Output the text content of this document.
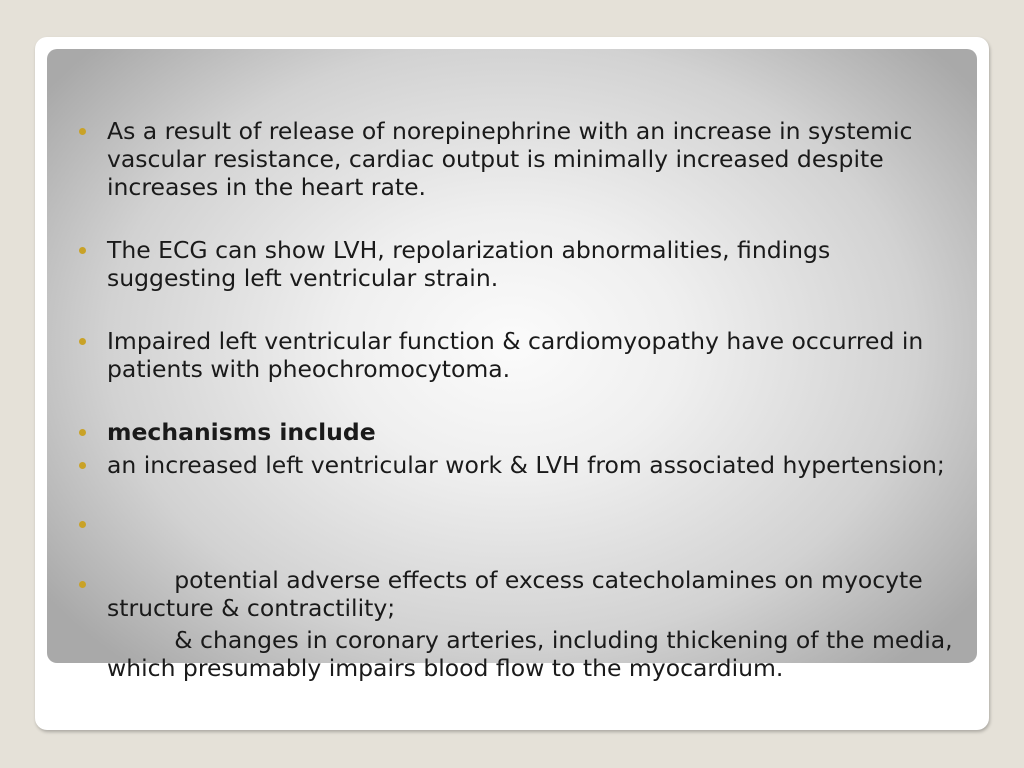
As a result of release of norepinephrine with an increase in systemic vascular resistance, cardiac output is minimally increased despite increases in the heart rate.
The ECG can show LVH, repolarization abnormalities, findings suggesting left ventricular strain.
Impaired left ventricular function & cardiomyopathy have occurred in patients with pheochromocytoma.
mechanisms include
an increased left ventricular work & LVH from associated hypertension;

potential adverse effects of excess catecholamines on myocyte structure & contractility;

& changes in coronary arteries, including thickening of the media, which presumably impairs blood flow to the myocardium.
